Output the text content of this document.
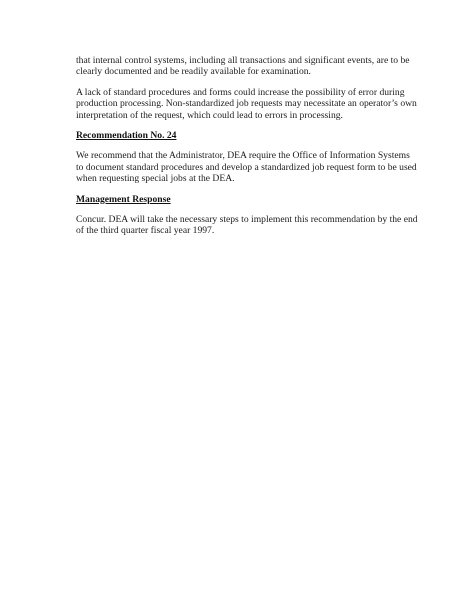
that internal control systems, including all transactions and significant events, are to be
clearly documented and be readily available for examination.

A lack of standard procedures and forms could increase the possibility of error during
production processing. Non-standardized job requests may necessitate an operator’s own
interpretation of the request, which could lead to errors in processing.

Recommendation No. 24

We recommend that the Administrator, DEA require the Office of Information Systems
to document standard procedures and develop a standardized job request form to be used
when requesting special jobs at the DEA.

Management Response

Concur. DEA will take the necessary steps to implement this recommendation by the end
of the third quarter fiscal year 1997.
